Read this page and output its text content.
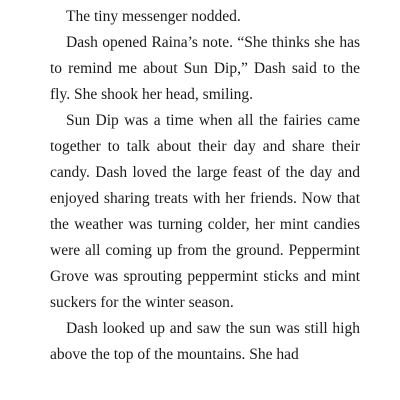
The tiny messenger nodded.

Dash opened Raina’s note. “She thinks she has to remind me about Sun Dip,” Dash said to the fly. She shook her head, smiling.

Sun Dip was a time when all the fairies came together to talk about their day and share their candy. Dash loved the large feast of the day and enjoyed sharing treats with her friends. Now that the weather was turning colder, her mint candies were all coming up from the ground. Peppermint Grove was sprouting peppermint sticks and mint suckers for the winter season.

Dash looked up and saw the sun was still high above the top of the mountains. She had
